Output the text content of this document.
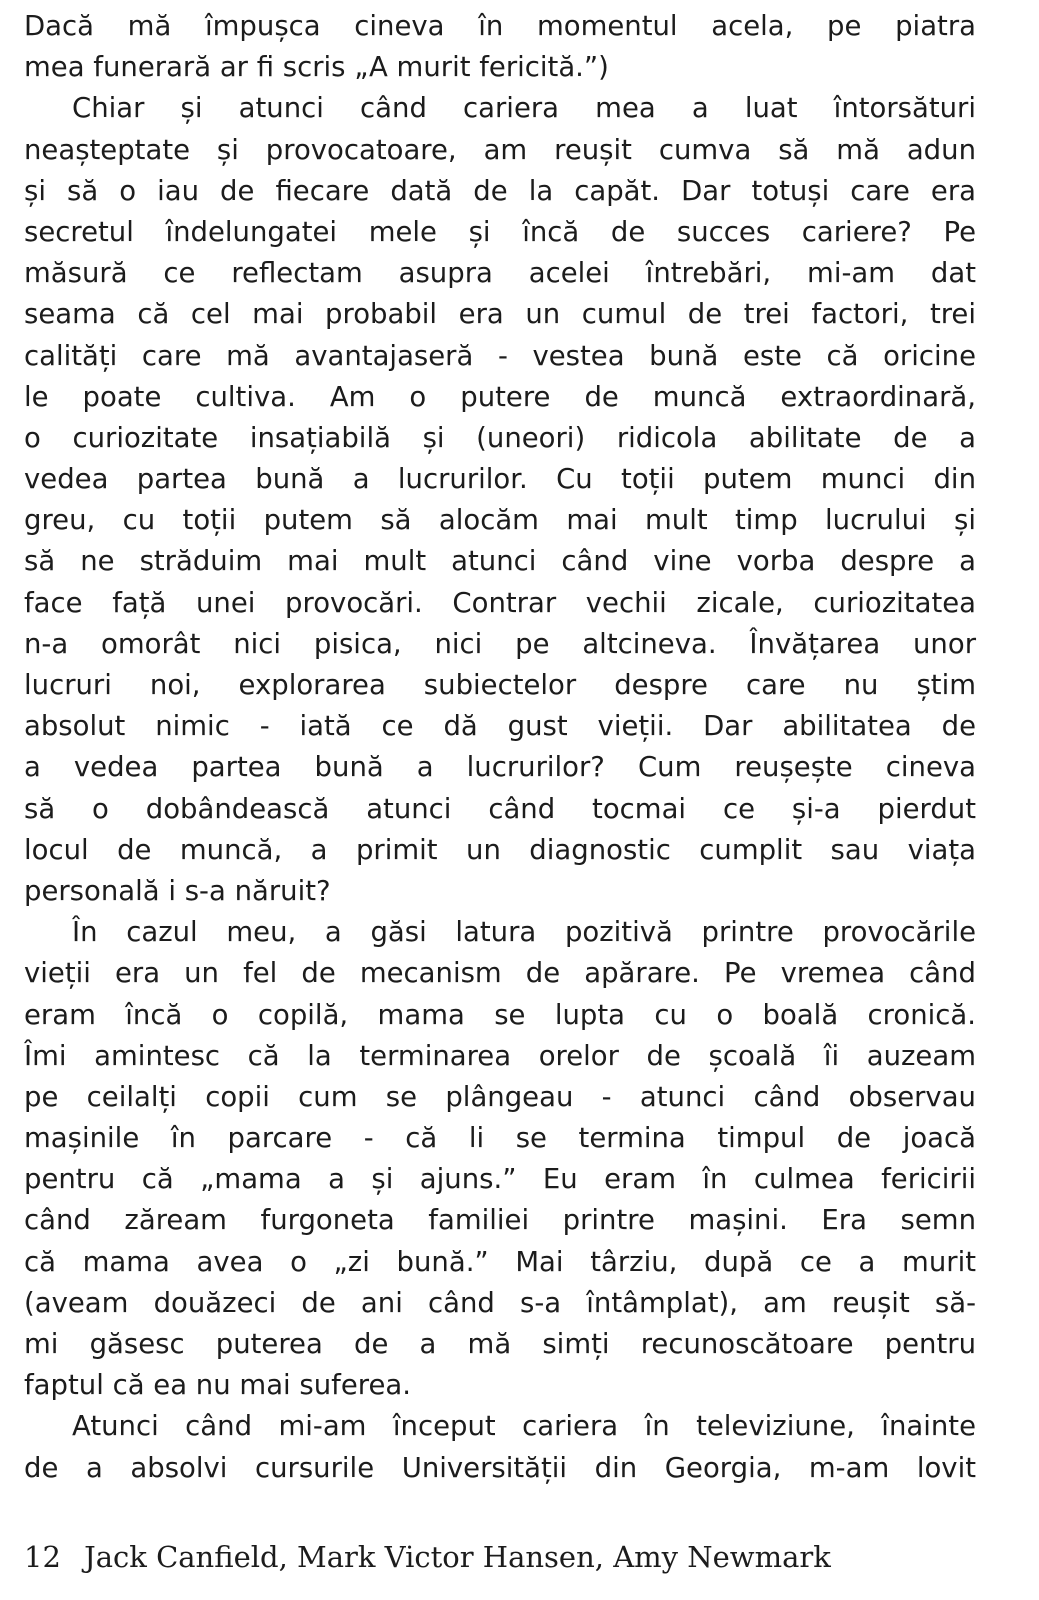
Dacă mă împușca cineva în momentul acela, pe piatra
mea funerară ar fi scris „A murit fericită.”)
Chiar și atunci când cariera mea a luat întorsături
neașteptate și provocatoare, am reușit cumva să mă adun
și să o iau de fiecare dată de la capăt. Dar totuși care era
secretul îndelungatei mele și încă de succes cariere? Pe
măsură ce reflectam asupra acelei întrebări, mi-am dat
seama că cel mai probabil era un cumul de trei factori, trei
calități care mă avantajaseră - vestea bună este că oricine
le poate cultiva. Am o putere de muncă extraordinară,
o curiozitate insațiabilă și (uneori) ridicola abilitate de a
vedea partea bună a lucrurilor. Cu toții putem munci din
greu, cu toții putem să alocăm mai mult timp lucrului și
să ne străduim mai mult atunci când vine vorba despre a
face față unei provocări. Contrar vechii zicale, curiozitatea
n-a omorât nici pisica, nici pe altcineva. Învățarea unor
lucruri noi, explorarea subiectelor despre care nu știm
absolut nimic - iată ce dă gust vieții. Dar abilitatea de
a vedea partea bună a lucrurilor? Cum reușește cineva
să o dobândească atunci când tocmai ce și-a pierdut
locul de muncă, a primit un diagnostic cumplit sau viața
personală i s-a năruit?
În cazul meu, a găsi latura pozitivă printre provocările
vieții era un fel de mecanism de apărare. Pe vremea când
eram încă o copilă, mama se lupta cu o boală cronică.
Îmi amintesc că la terminarea orelor de școală îi auzeam
pe ceilalți copii cum se plângeau - atunci când observau
mașinile în parcare - că li se termina timpul de joacă
pentru că „mama a și ajuns.” Eu eram în culmea fericirii
când zăream furgoneta familiei printre mașini. Era semn
că mama avea o „zi bună.” Mai târziu, după ce a murit
(aveam douăzeci de ani când s-a întâmplat), am reușit să-
mi găsesc puterea de a mă simți recunoscătoare pentru
faptul că ea nu mai suferea.
Atunci când mi-am început cariera în televiziune, înainte
de a absolvi cursurile Universității din Georgia, m-am lovit
12 Jack Canfield, Mark Victor Hansen, Amy Newmark
